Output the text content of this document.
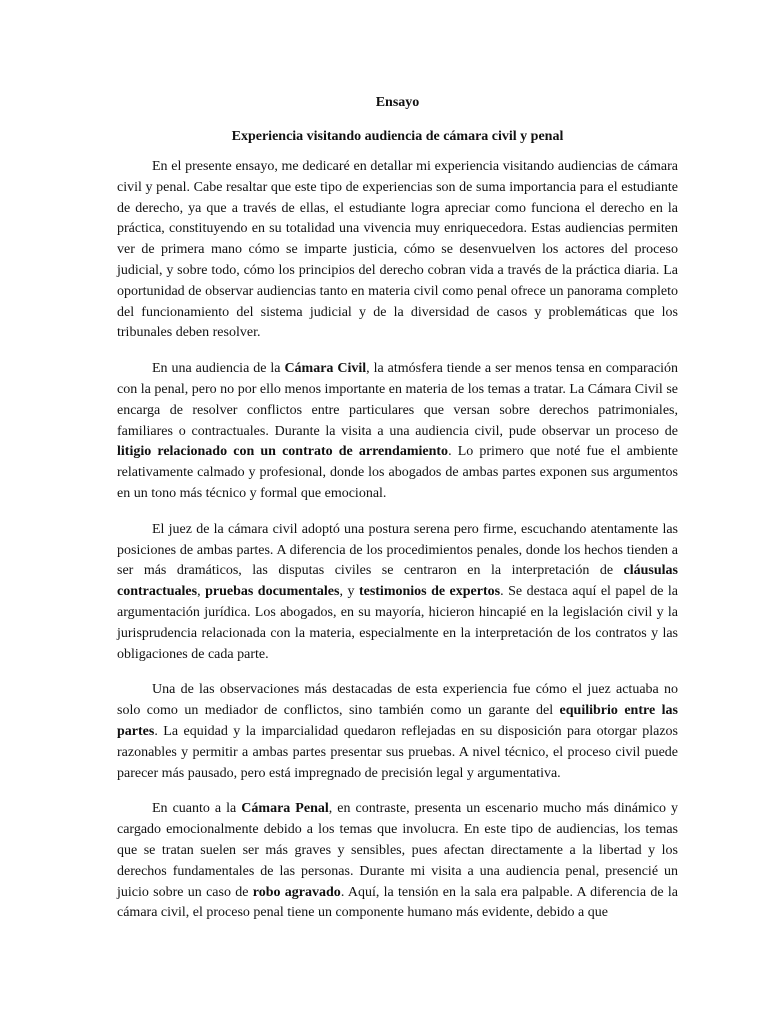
Ensayo
Experiencia visitando audiencia de cámara civil y penal

En el presente ensayo, me dedicaré en detallar mi experiencia visitando audiencias de cámara civil y penal. Cabe resaltar que este tipo de experiencias son de suma importancia para el estudiante de derecho, ya que a través de ellas, el estudiante logra apreciar como funciona el derecho en la práctica, constituyendo en su totalidad una vivencia muy enriquecedora. Estas audiencias permiten ver de primera mano cómo se imparte justicia, cómo se desenvuelven los actores del proceso judicial, y sobre todo, cómo los principios del derecho cobran vida a través de la práctica diaria. La oportunidad de observar audiencias tanto en materia civil como penal ofrece un panorama completo del funcionamiento del sistema judicial y de la diversidad de casos y problemáticas que los tribunales deben resolver.

En una audiencia de la Cámara Civil, la atmósfera tiende a ser menos tensa en comparación con la penal, pero no por ello menos importante en materia de los temas a tratar. La Cámara Civil se encarga de resolver conflictos entre particulares que versan sobre derechos patrimoniales, familiares o contractuales. Durante la visita a una audiencia civil, pude observar un proceso de litigio relacionado con un contrato de arrendamiento. Lo primero que noté fue el ambiente relativamente calmado y profesional, donde los abogados de ambas partes exponen sus argumentos en un tono más técnico y formal que emocional.

El juez de la cámara civil adoptó una postura serena pero firme, escuchando atentamente las posiciones de ambas partes. A diferencia de los procedimientos penales, donde los hechos tienden a ser más dramáticos, las disputas civiles se centraron en la interpretación de cláusulas contractuales, pruebas documentales, y testimonios de expertos. Se destaca aquí el papel de la argumentación jurídica. Los abogados, en su mayoría, hicieron hincapié en la legislación civil y la jurisprudencia relacionada con la materia, especialmente en la interpretación de los contratos y las obligaciones de cada parte.

Una de las observaciones más destacadas de esta experiencia fue cómo el juez actuaba no solo como un mediador de conflictos, sino también como un garante del equilibrio entre las partes. La equidad y la imparcialidad quedaron reflejadas en su disposición para otorgar plazos razonables y permitir a ambas partes presentar sus pruebas. A nivel técnico, el proceso civil puede parecer más pausado, pero está impregnado de precisión legal y argumentativa.

En cuanto a la Cámara Penal, en contraste, presenta un escenario mucho más dinámico y cargado emocionalmente debido a los temas que involucra. En este tipo de audiencias, los temas que se tratan suelen ser más graves y sensibles, pues afectan directamente a la libertad y los derechos fundamentales de las personas. Durante mi visita a una audiencia penal, presencié un juicio sobre un caso de robo agravado. Aquí, la tensión en la sala era palpable. A diferencia de la cámara civil, el proceso penal tiene un componente humano más evidente, debido a que
